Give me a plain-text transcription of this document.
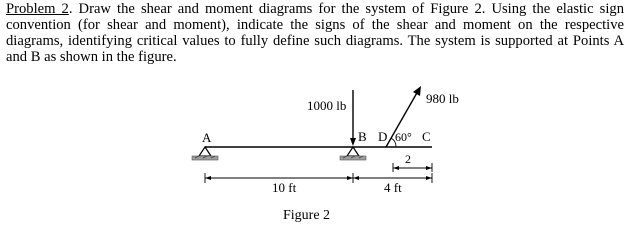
Problem 2. Draw the shear and moment diagrams for the system of Figure 2. Using the elastic sign convention (for shear and moment), indicate the signs of the shear and moment on the respective diagrams, identifying critical values to fully define such diagrams. The system is supported at Points A and B as shown in the figure.

1000 lb	980 lb
A	B D 60° C
2
10 ft	4 ft
Figure 2
